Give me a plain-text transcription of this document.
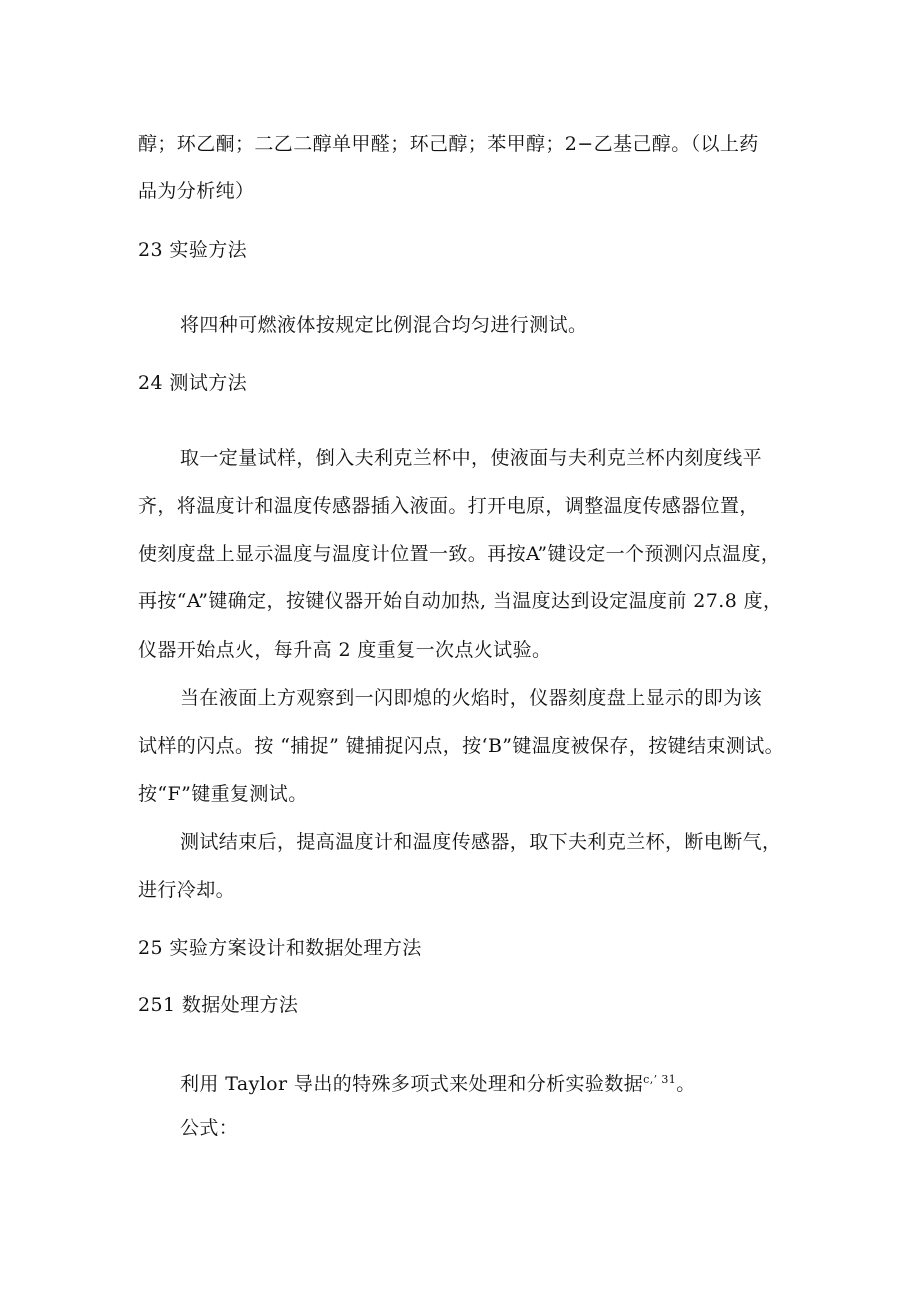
醇；环乙酮；二乙二醇单甲醛；环己醇；苯甲醇；2−乙基己醇。（以上药
品为分析纯）
23 实验方法
将四种可燃液体按规定比例混合均匀进行测试。
24 测试方法
取一定量试样，倒入夫利克兰杯中，使液面与夫利克兰杯内刻度线平
齐，将温度计和温度传感器插入液面。打开电原，调整温度传感器位置，
使刻度盘上显示温度与温度计位置一致。再按A”键设定一个预测闪点温度，
再按“A”键确定，按键仪器开始自动加热, 当温度达到设定温度前 27.8 度，
仪器开始点火，每升高 2 度重复一次点火试验。
当在液面上方观察到一闪即熄的火焰时，仪器刻度盘上显示的即为该
试样的闪点。按 “捕捉” 键捕捉闪点，按‘B”键温度被保存，按键结束测试。
按“F”键重复测试。
测试结束后，提高温度计和温度传感器，取下夫利克兰杯，断电断气，
进行冷却。
25 实验方案设计和数据处理方法
251 数据处理方法
利用 Taylor 导出的特殊多项式来处理和分析实验数据$^{c,’ 31}$。
公式：
